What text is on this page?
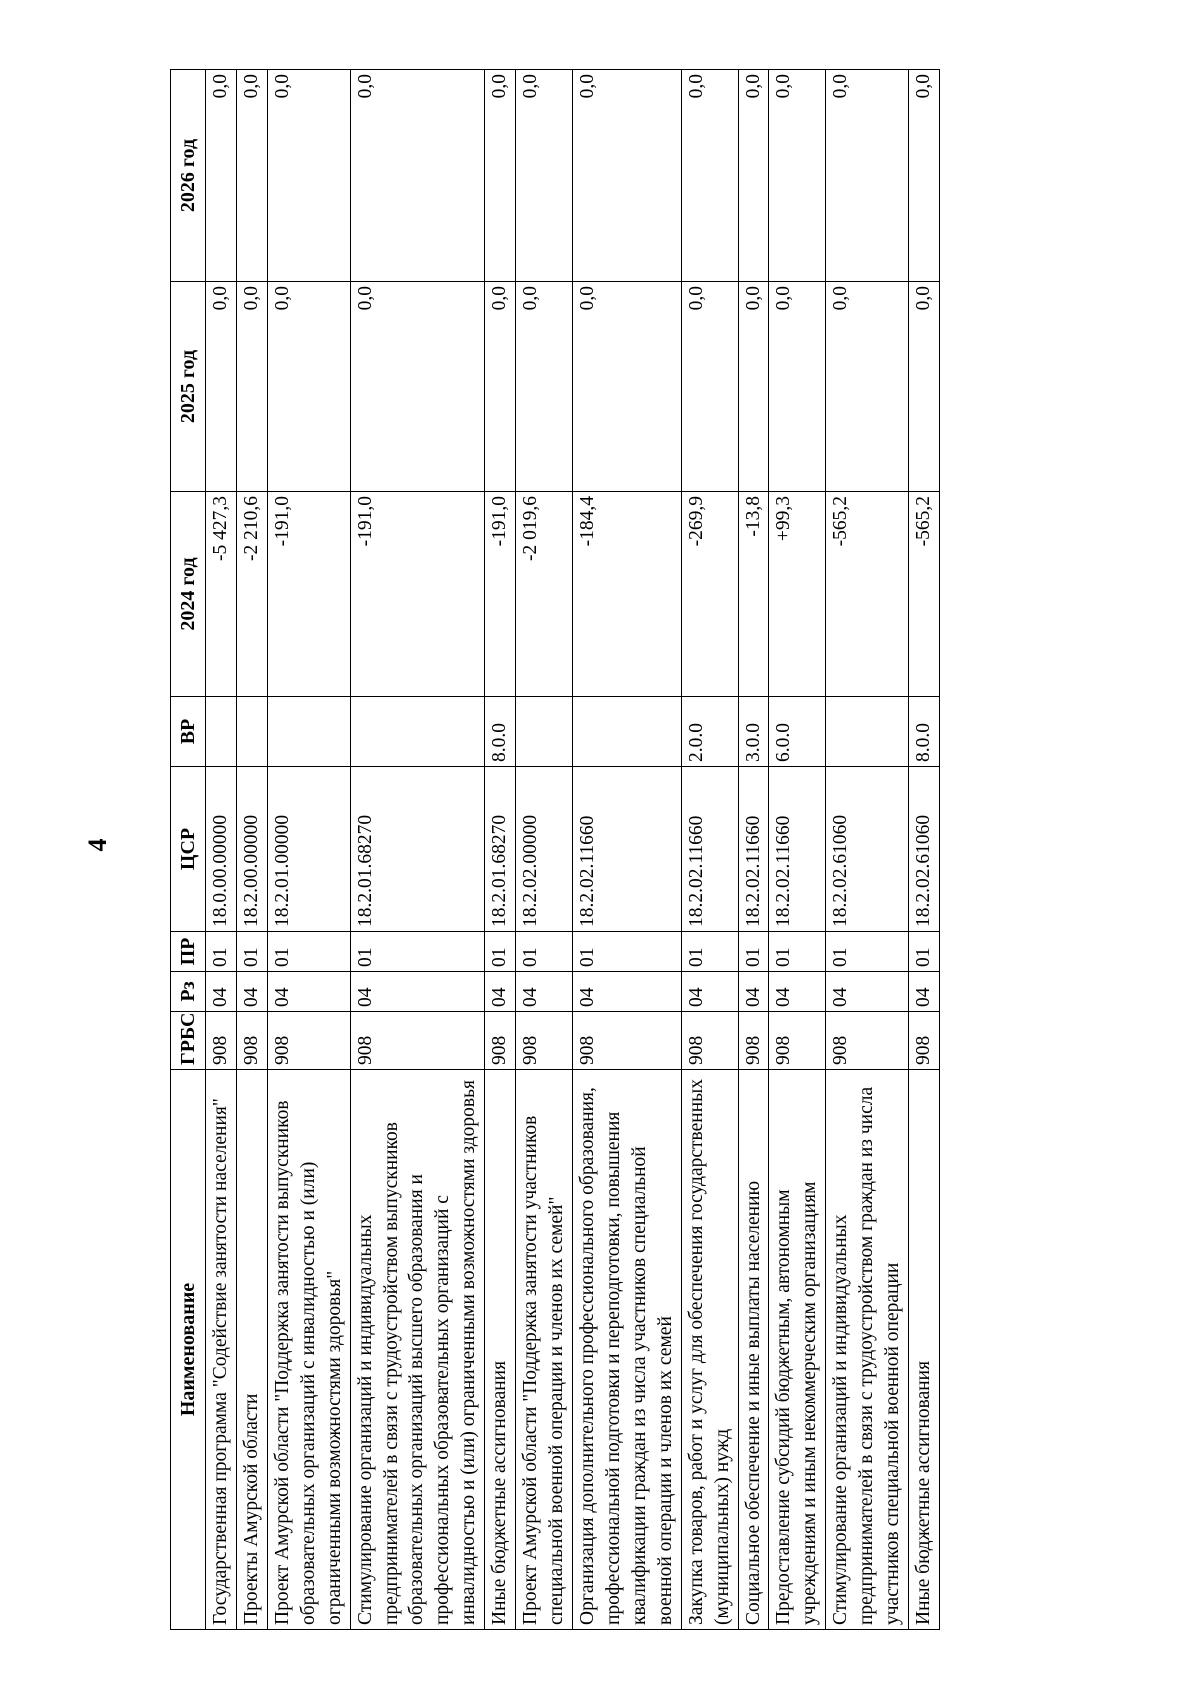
4
Наименование	ГРБС	Рз	ПР	ЦСР	ВР	2024 год	2025 год	2026 год
Государственная программа "Содействие занятости населения"	908	04	01	18.0.00.00000		-5 427,3	0,0	0,0
Проекты Амурской области	908	04	01	18.2.00.00000		-2 210,6	0,0	0,0
Проект Амурской области "Поддержка занятости выпускников образовательных организаций с инвалидностью и (или) ограниченными возможностями здоровья"	908	04	01	18.2.01.00000		-191,0	0,0	0,0
Стимулирование организаций и индивидуальных предпринимателей в связи с трудоустройством выпускников образовательных организаций высшего образования и профессиональных образовательных организаций с инвалидностью и (или) ограниченными возможностями здоровья	908	04	01	18.2.01.68270		-191,0	0,0	0,0
Иные бюджетные ассигнования	908	04	01	18.2.01.68270	8.0.0	-191,0	0,0	0,0
Проект Амурской области "Поддержка занятости участников специальной военной операции и членов их семей"	908	04	01	18.2.02.00000		-2 019,6	0,0	0,0
Организация дополнительного профессионального образования, профессиональной подготовки и переподготовки, повышения квалификации граждан из числа участников специальной военной операции и членов их семей	908	04	01	18.2.02.11660		-184,4	0,0	0,0
Закупка товаров, работ и услуг для обеспечения государственных (муниципальных) нужд	908	04	01	18.2.02.11660	2.0.0	-269,9	0,0	0,0
Социальное обеспечение и иные выплаты населению	908	04	01	18.2.02.11660	3.0.0	-13,8	0,0	0,0
Предоставление субсидий бюджетным, автономным учреждениям и иным некоммерческим организациям	908	04	01	18.2.02.11660	6.0.0	+99,3	0,0	0,0
Стимулирование организаций и индивидуальных предпринимателей в связи с трудоустройством граждан из числа участников специальной военной операции	908	04	01	18.2.02.61060		-565,2	0,0	0,0
Иные бюджетные ассигнования	908	04	01	18.2.02.61060	8.0.0	-565,2	0,0	0,0
